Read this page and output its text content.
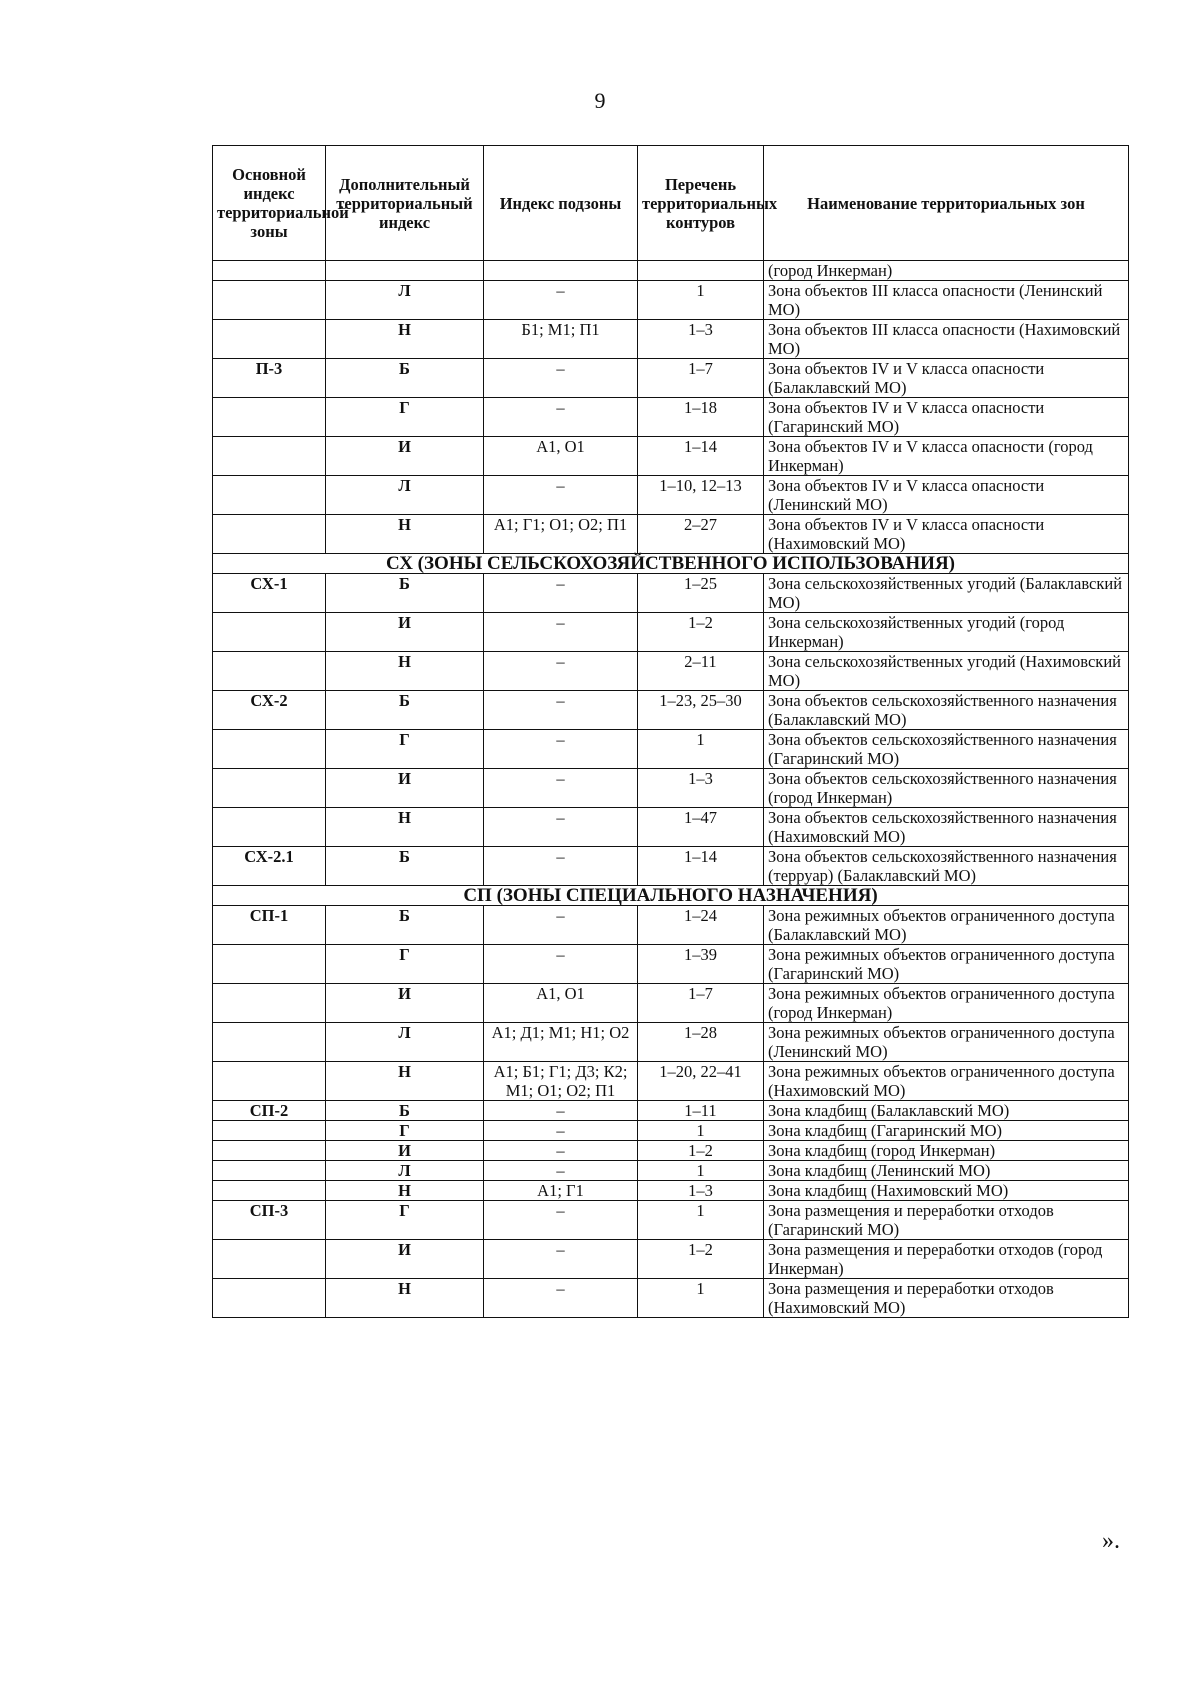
9
Основной индекс территориальной зоны	Дополнительный территориальный индекс	Индекс подзоны	Перечень территориальных контуров	Наименование территориальных зон
				(город Инкерман)
	Л	–	1	Зона объектов III класса опасности (Ленинский МО)
	Н	Б1; М1; П1	1–3	Зона объектов III класса опасности (Нахимовский МО)
П-3	Б	–	1–7	Зона объектов IV и V класса опасности (Балаклавский МО)
	Г	–	1–18	Зона объектов IV и V класса опасности (Гагаринский МО)
	И	А1, О1	1–14	Зона объектов IV и V класса опасности (город Инкерман)
	Л	–	1–10, 12–13	Зона объектов IV и V класса опасности (Ленинский МО)
	Н	А1; Г1; О1; О2; П1	2–27	Зона объектов IV и V класса опасности (Нахимовский МО)
СХ (ЗОНЫ СЕЛЬСКОХОЗЯЙСТВЕННОГО ИСПОЛЬЗОВАНИЯ)				
СХ-1	Б	–	1–25	Зона сельскохозяйственных угодий (Балаклавский МО)
	И	–	1–2	Зона сельскохозяйственных угодий (город Инкерман)
	Н	–	2–11	Зона сельскохозяйственных угодий (Нахимовский МО)
СХ-2	Б	–	1–23, 25–30	Зона объектов сельскохозяйственного назначения (Балаклавский МО)
	Г	–	1	Зона объектов сельскохозяйственного назначения (Гагаринский МО)
	И	–	1–3	Зона объектов сельскохозяйственного назначения (город Инкерман)
	Н	–	1–47	Зона объектов сельскохозяйственного назначения (Нахимовский МО)
СХ-2.1	Б	–	1–14	Зона объектов сельскохозяйственного назначения (терруар) (Балаклавский МО)
СП (ЗОНЫ СПЕЦИАЛЬНОГО НАЗНАЧЕНИЯ)				
СП-1	Б	–	1–24	Зона режимных объектов ограниченного доступа (Балаклавский МО)
	Г	–	1–39	Зона режимных объектов ограниченного доступа (Гагаринский МО)
	И	А1, О1	1–7	Зона режимных объектов ограниченного доступа (город Инкерман)
	Л	А1; Д1; М1; Н1; О2	1–28	Зона режимных объектов ограниченного доступа (Ленинский МО)
	Н	А1; Б1; Г1; Д3; К2; М1; О1; О2; П1	1–20, 22–41	Зона режимных объектов ограниченного доступа (Нахимовский МО)
СП-2	Б	–	1–11	Зона кладбищ (Балаклавский МО)
	Г	–	1	Зона кладбищ (Гагаринский МО)
	И	–	1–2	Зона кладбищ (город Инкерман)
	Л	–	1	Зона кладбищ (Ленинский МО)
	Н	А1; Г1	1–3	Зона кладбищ (Нахимовский МО)
СП-3	Г	–	1	Зона размещения и переработки отходов (Гагаринский МО)
	И	–	1–2	Зона размещения и переработки отходов (город Инкерман)
	Н	–	1	Зона размещения и переработки отходов (Нахимовский МО)
».
